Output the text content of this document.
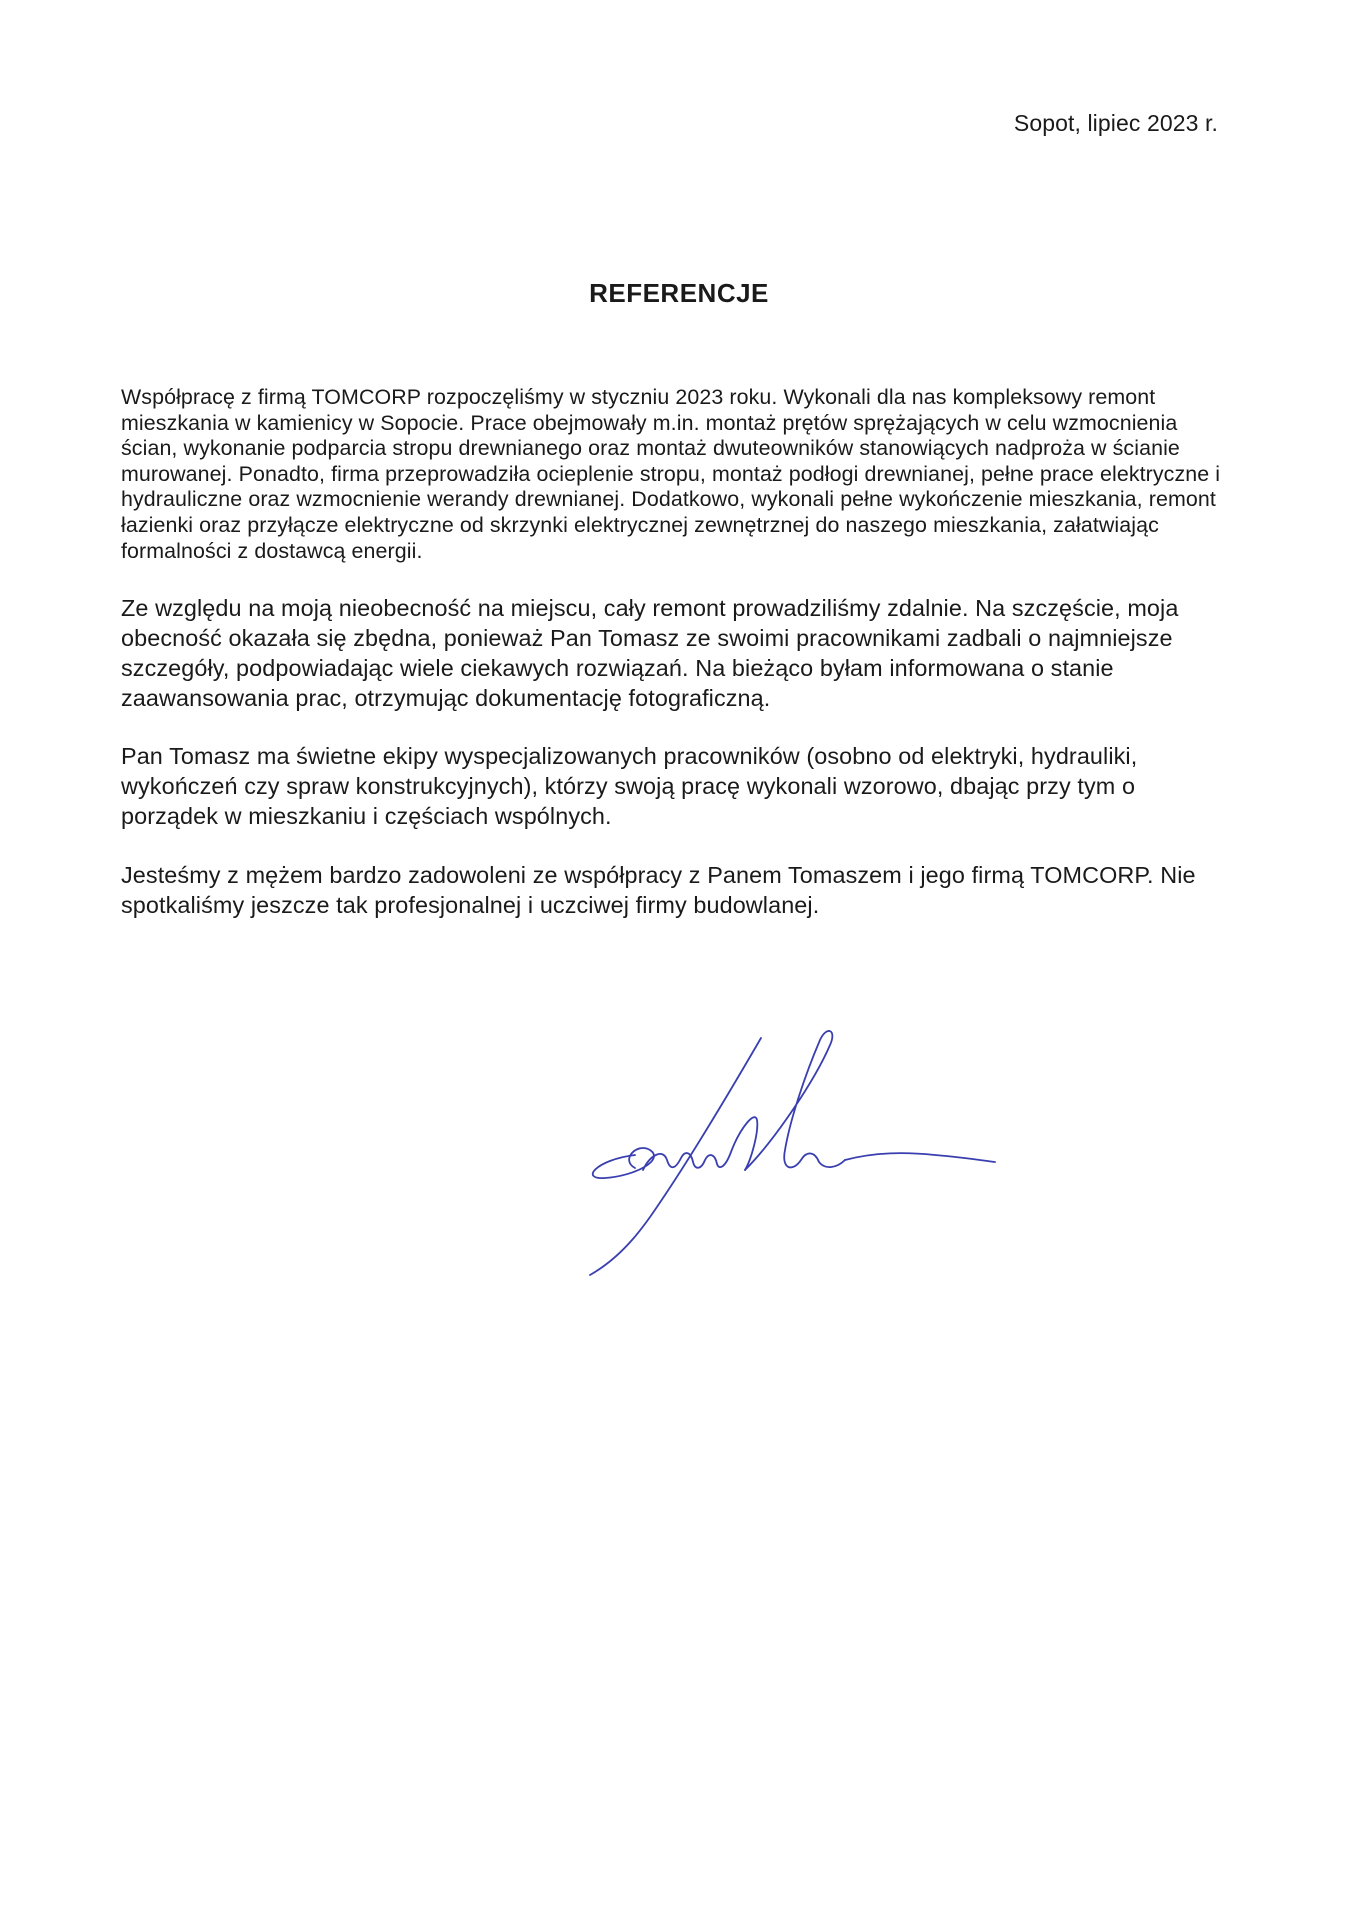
Sopot, lipiec 2023 r.
REFERENCJE

Współpracę z firmą TOMCORP rozpoczęliśmy w styczniu 2023 roku. Wykonali dla nas kompleksowy remont mieszkania w kamienicy w Sopocie. Prace obejmowały m.in. montaż prętów sprężających w celu wzmocnienia ścian, wykonanie podparcia stropu drewnianego oraz montaż dwuteowników stanowiących nadproża w ścianie murowanej. Ponadto, firma przeprowadziła ocieplenie stropu, montaż podłogi drewnianej, pełne prace elektryczne i hydrauliczne oraz wzmocnienie werandy drewnianej. Dodatkowo, wykonali pełne wykończenie mieszkania, remont łazienki oraz przyłącze elektryczne od skrzynki elektrycznej zewnętrznej do naszego mieszkania, załatwiając formalności z dostawcą energii.

Ze względu na moją nieobecność na miejscu, cały remont prowadziliśmy zdalnie. Na szczęście, moja obecność okazała się zbędna, ponieważ Pan Tomasz ze swoimi pracownikami zadbali o najmniejsze szczegóły, podpowiadając wiele ciekawych rozwiązań. Na bieżąco byłam informowana o stanie zaawansowania prac, otrzymując dokumentację fotograficzną.

Pan Tomasz ma świetne ekipy wyspecjalizowanych pracowników (osobno od elektryki, hydrauliki, wykończeń czy spraw konstrukcyjnych), którzy swoją pracę wykonali wzorowo, dbając przy tym o porządek w mieszkaniu i częściach wspólnych.

Jesteśmy z mężem bardzo zadowoleni ze współpracy z Panem Tomaszem i jego firmą TOMCORP. Nie spotkaliśmy jeszcze tak profesjonalnej i uczciwej firmy budowlanej.
